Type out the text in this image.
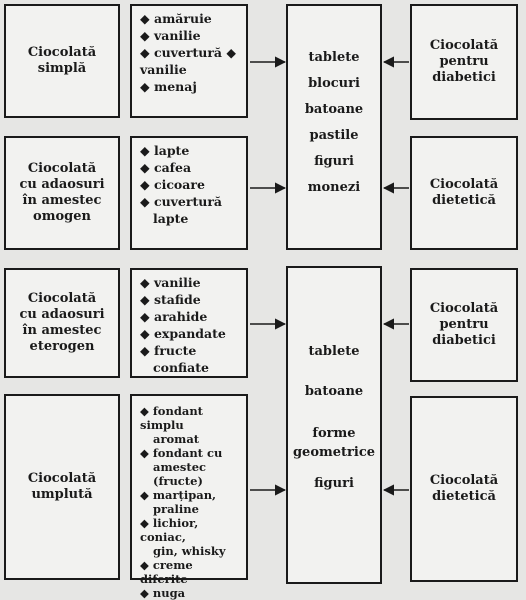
Ciocolată
simplă
Ciocolată
cu adaosuri
în amestec
omogen
Ciocolată
cu adaosuri
în amestec
eterogen
Ciocolată
umplută
◆ amăruie
◆ vanilie
◆ cuvertură ◆
vanilie
◆ menaj
◆ lapte
◆ cafea
◆ cicoare
◆ cuvertură
lapte
◆ vanilie
◆ stafide
◆ arahide
◆ expandate
◆ fructe
confiate
◆ fondant simplu
aromat
◆ fondant cu
amestec
(fructe)
◆ marțipan,
praline
◆ lichior, coniac,
gin, whisky
◆ creme diferite
◆ nuga
tablete
blocuri
batoane
pastile
figuri
monezi
tablete
batoane
forme
geometrice
figuri
Ciocolată
pentru
diabetici
Ciocolată
dietetică
Ciocolată
pentru
diabetici
Ciocolată
dietetică
